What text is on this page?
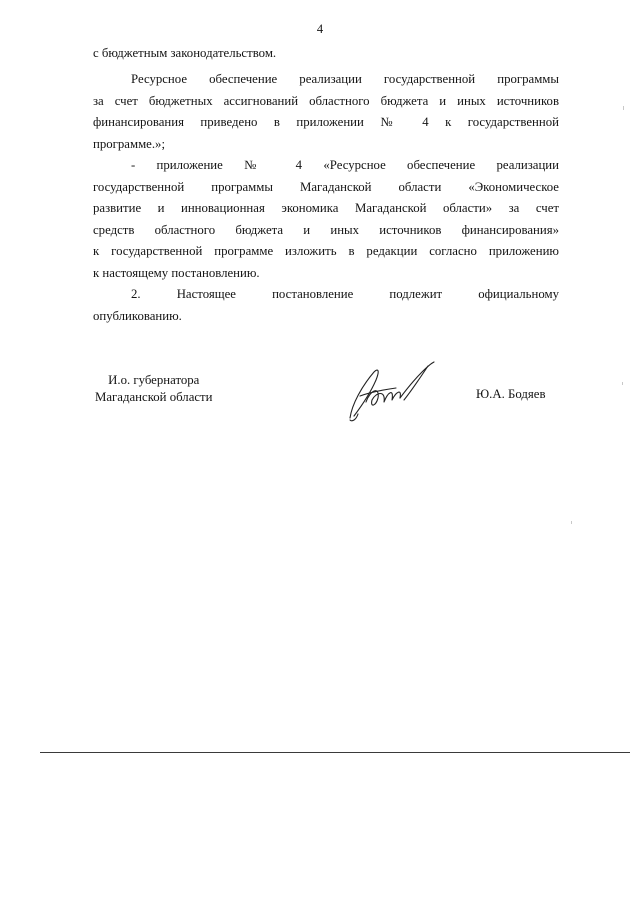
4

с бюджетным законодательством.

Ресурсное обеспечение реализации государственной программы
за счет бюджетных ассигнований областного бюджета и иных источников
финансирования приведено в приложении № 4 к государственной
программе.»;

- приложение № 4 «Ресурсное обеспечение реализации
государственной программы Магаданской области «Экономическое
развитие и инновационная экономика Магаданской области» за счет
средств областного бюджета и иных источников финансирования»
к государственной программе изложить в редакции согласно приложению
к настоящему постановлению.

2. Настоящее постановление подлежит официальному
опубликованию.

И.о. губернатора
Магаданской области	Ю.А. Бодяев
